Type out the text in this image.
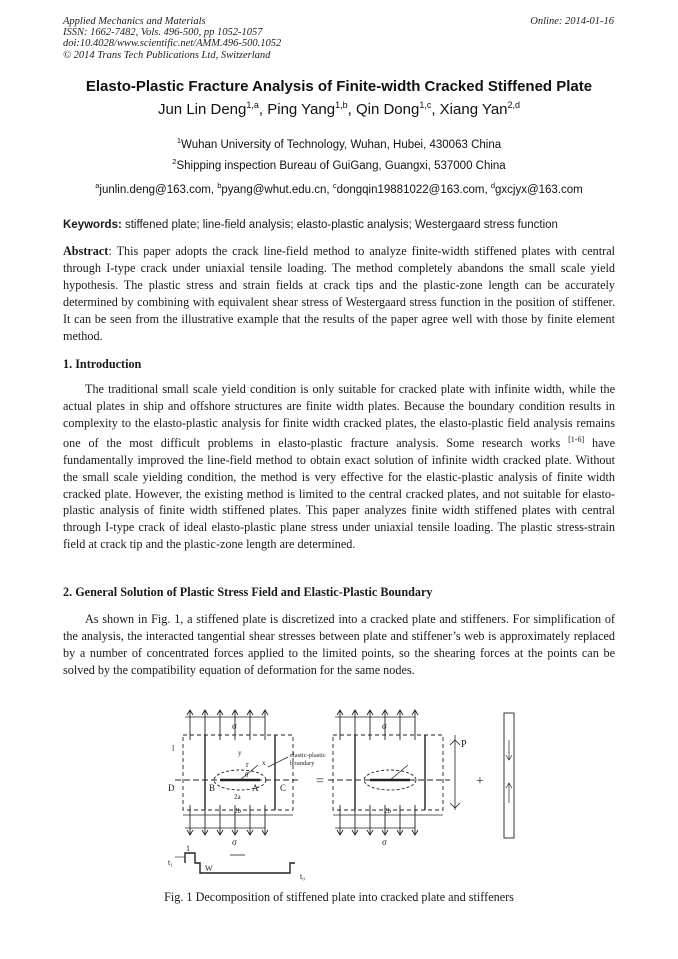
Applied Mechanics and Materials
ISSN: 1662-7482, Vols. 496-500, pp 1052-1057
doi:10.4028/www.scientific.net/AMM.496-500.1052
© 2014 Trans Tech Publications Ltd, Switzerland
Online: 2014-01-16
Elasto-Plastic Fracture Analysis of Finite-width Cracked Stiffened Plate
Jun Lin Deng$^{1,a}$, Ping Yang$^{1,b}$, Qin Dong$^{1,c}$, Xiang Yan$^{2,d}$
$^1$Wuhan University of Technology, Wuhan, Hubei, 430063 China
$^2$Shipping inspection Bureau of GuiGang, Guangxi, 537000 China
$^a$junlin.deng@163.com, $^b$pyang@whut.edu.cn, $^c$dongqin19881022@163.com, $^d$gxcjyx@163.com
Keywords: stiffened plate; line-field analysis; elasto-plastic analysis; Westergaard stress function
Abstract: This paper adopts the crack line-field method to analyze finite-width stiffened plates with central through I-type crack under uniaxial tensile loading. The method completely abandons the small scale yield hypothesis. The plastic stress and strain fields at crack tips and the plastic-zone length can be accurately determined by combining with equivalent shear stress of Westergaard stress function in the position of stiffener. It can be seen from the illustrative example that the results of the paper agree well with those by finite element method.
1. Introduction
The traditional small scale yield condition is only suitable for cracked plate with infinite width, while the actual plates in ship and offshore structures are finite width plates. Because the boundary condition results in complexity to the elasto-plastic analysis for finite width cracked plates, the elasto-plastic field analysis remains one of the most difficult problems in elasto-plastic fracture analysis. Some research works [1-6] have fundamentally improved the line-field method to obtain exact solution of infinite width cracked plate. Without the small scale yielding condition, the method is very effective for the elastic-plastic analysis of finite width cracked plate. However, the existing method is limited to the central cracked plates, and not suitable for elasto-plastic analysis of finite width stiffened plates. This paper analyzes finite width stiffened plates with central through I-type crack of ideal elasto-plastic plane stress under uniaxial tensile loading. The plastic stress-strain field at crack tip and the plastic-zone length are determined.
2. General Solution of Plastic Stress Field and Elastic-Plastic Boundary
As shown in Fig. 1, a stiffened plate is discretized into a cracked plate and stiffeners. For simplification of the analysis, the interacted tangential shear stresses between plate and stiffener’s web is approximately replaced by a number of concentrated forces applied to the limited points, so the shearing forces at the points can be solved by the compatibility equation of deformation for the same nodes.
σ
σ
D	B	A C
r
θ
x
y
l
2b
2a
elastic-plastic
boundary
=	+
σ
σ
P
2b
t₁
W
t₀
1
Fig. 1 Decomposition of stiffened plate into cracked plate and stiffeners
